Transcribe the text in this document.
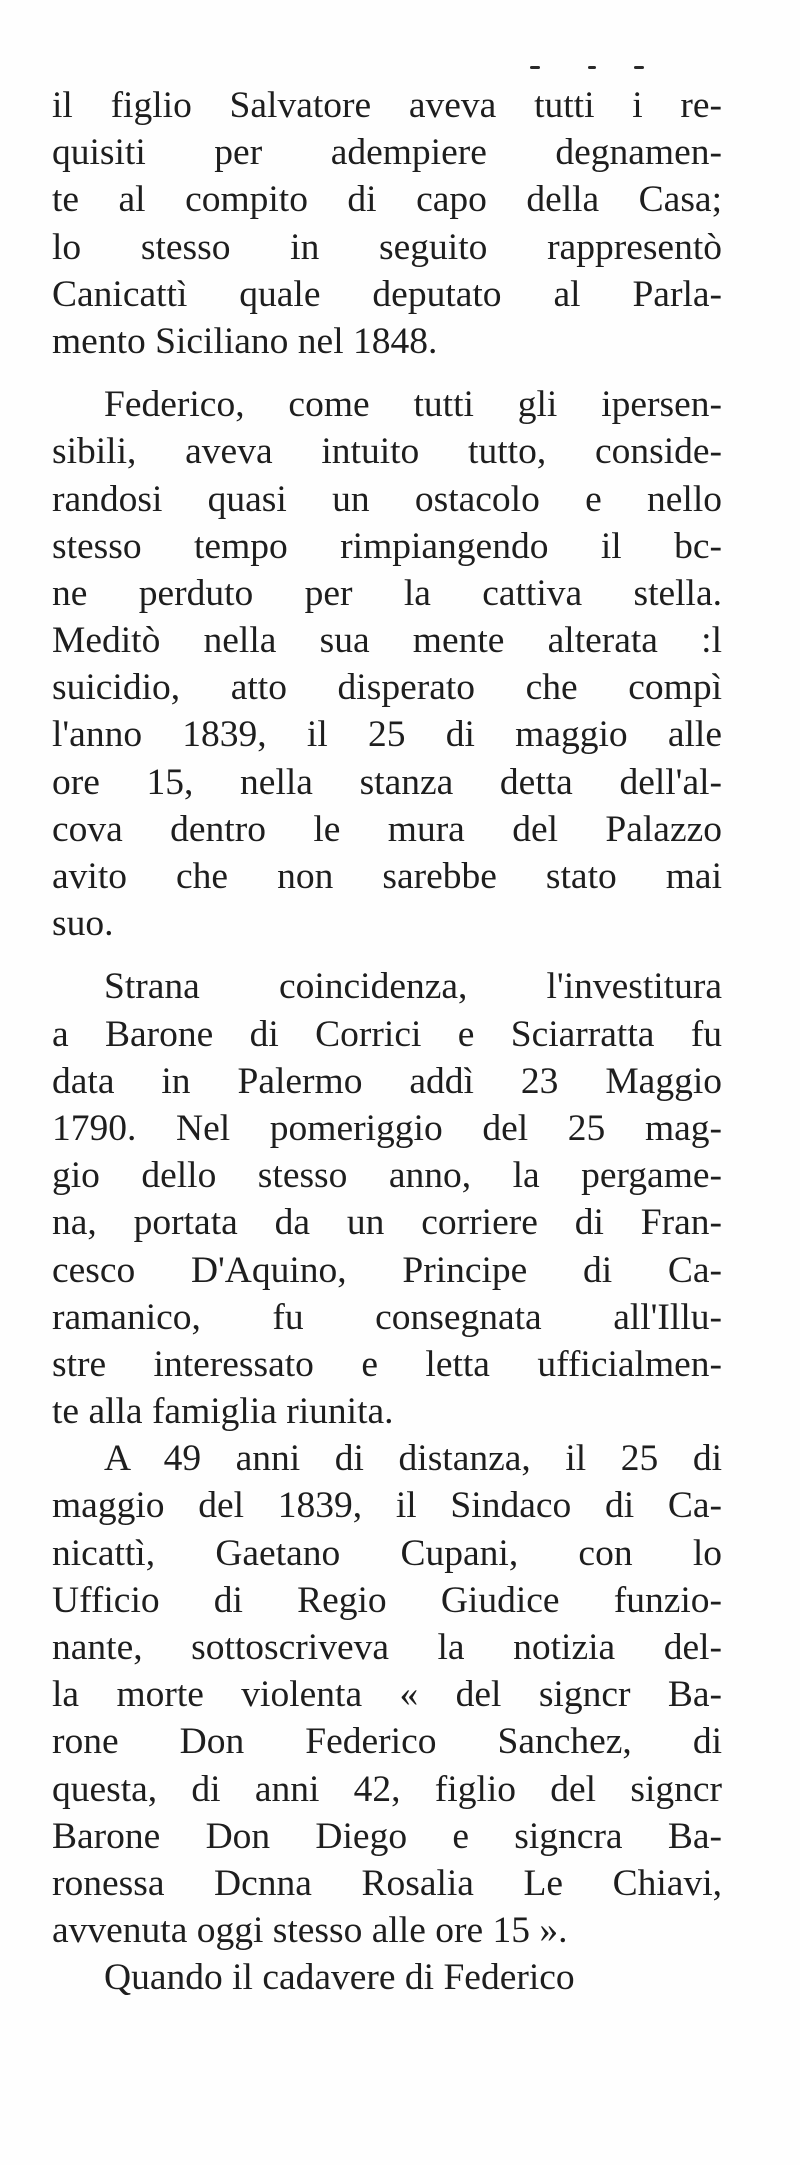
il figlio Salvatore aveva tutti i re-
quisiti per adempiere degnamen-
te al compito di capo della Casa;
lo stesso in seguito rappresentò
Canicattì quale deputato al Parla-
mento Siciliano nel 1848.
Federico, come tutti gli ipersen-
sibili, aveva intuito tutto, conside-
randosi quasi un ostacolo e nello
stesso tempo rimpiangendo il bc-
ne perduto per la cattiva stella.
Meditò nella sua mente alterata :l
suicidio, atto disperato che compì
l'anno 1839, il 25 di maggio alle
ore 15, nella stanza detta dell'al-
cova dentro le mura del Palazzo
avito che non sarebbe stato mai
suo.
Strana coincidenza, l'investitura
a Barone di Corrici e Sciarratta fu
data in Palermo addì 23 Maggio
1790. Nel pomeriggio del 25 mag-
gio dello stesso anno, la pergame-
na, portata da un corriere di Fran-
cesco D'Aquino, Principe di Ca-
ramanico, fu consegnata all'Illu-
stre interessato e letta ufficialmen-
te alla famiglia riunita.
A 49 anni di distanza, il 25 di
maggio del 1839, il Sindaco di Ca-
nicattì, Gaetano Cupani, con lo
Ufficio di Regio Giudice funzio-
nante, sottoscriveva la notizia del-
la morte violenta « del signcr Ba-
rone Don Federico Sanchez, di
questa, di anni 42, figlio del signcr
Barone Don Diego e signcra Ba-
ronessa Dcnna Rosalia Le Chiavi,
avvenuta oggi stesso alle ore 15 ».
Quando il cadavere di Federico
